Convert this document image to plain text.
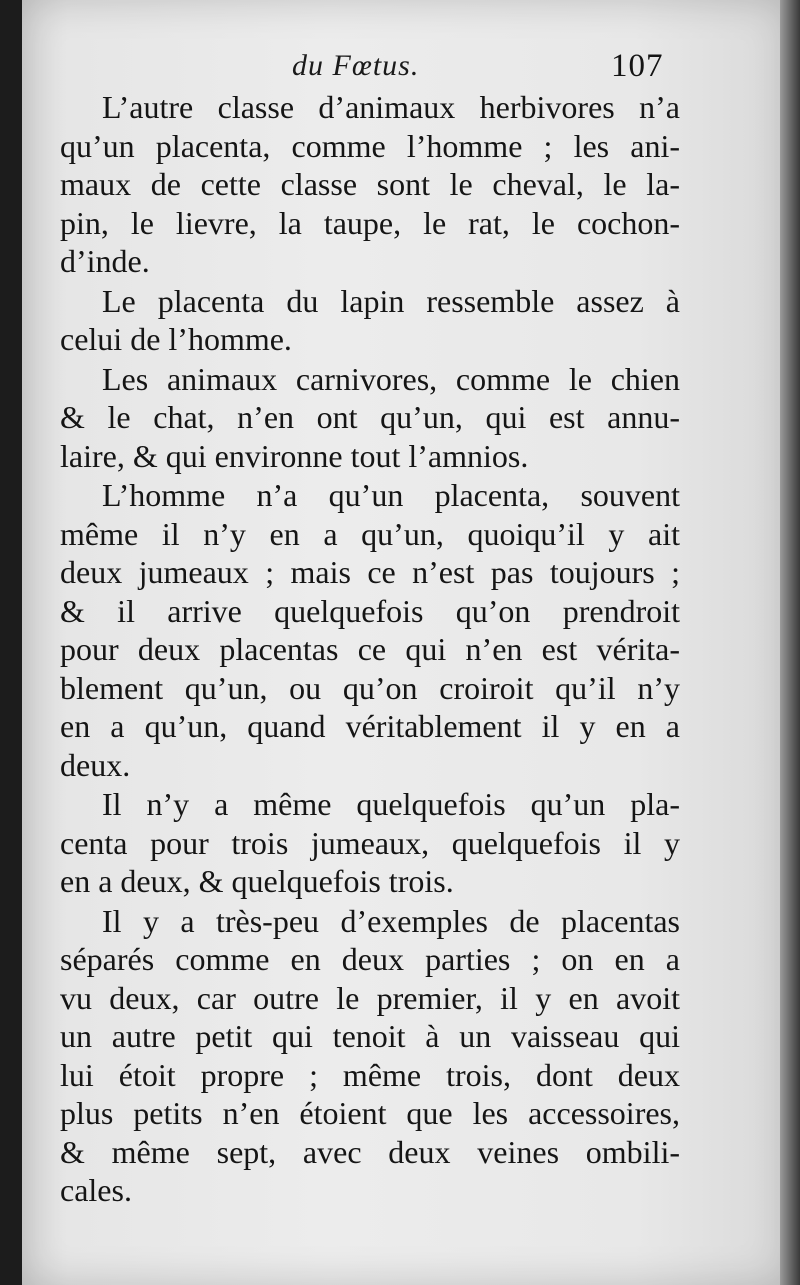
du Fœtus.	107
L’autre classe d’animaux herbivores n’a
qu’un placenta, comme l’homme ; les ani-
maux de cette classe sont le cheval, le la-
pin, le lievre, la taupe, le rat, le cochon-
d’inde.
Le placenta du lapin ressemble assez à
celui de l’homme.
Les animaux carnivores, comme le chien
& le chat, n’en ont qu’un, qui est annu-
laire, & qui environne tout l’amnios.
L’homme n’a qu’un placenta, souvent
même il n’y en a qu’un, quoiqu’il y ait
deux jumeaux ; mais ce n’est pas toujours ;
& il arrive quelquefois qu’on prendroit
pour deux placentas ce qui n’en est vérita-
blement qu’un, ou qu’on croiroit qu’il n’y
en a qu’un, quand véritablement il y en a
deux.
Il n’y a même quelquefois qu’un pla-
centa pour trois jumeaux, quelquefois il y
en a deux, & quelquefois trois.
Il y a très-peu d’exemples de placentas
séparés comme en deux parties ; on en a
vu deux, car outre le premier, il y en avoit
un autre petit qui tenoit à un vaisseau qui
lui étoit propre ; même trois, dont deux
plus petits n’en étoient que les accessoires,
& même sept, avec deux veines ombili-
cales.
